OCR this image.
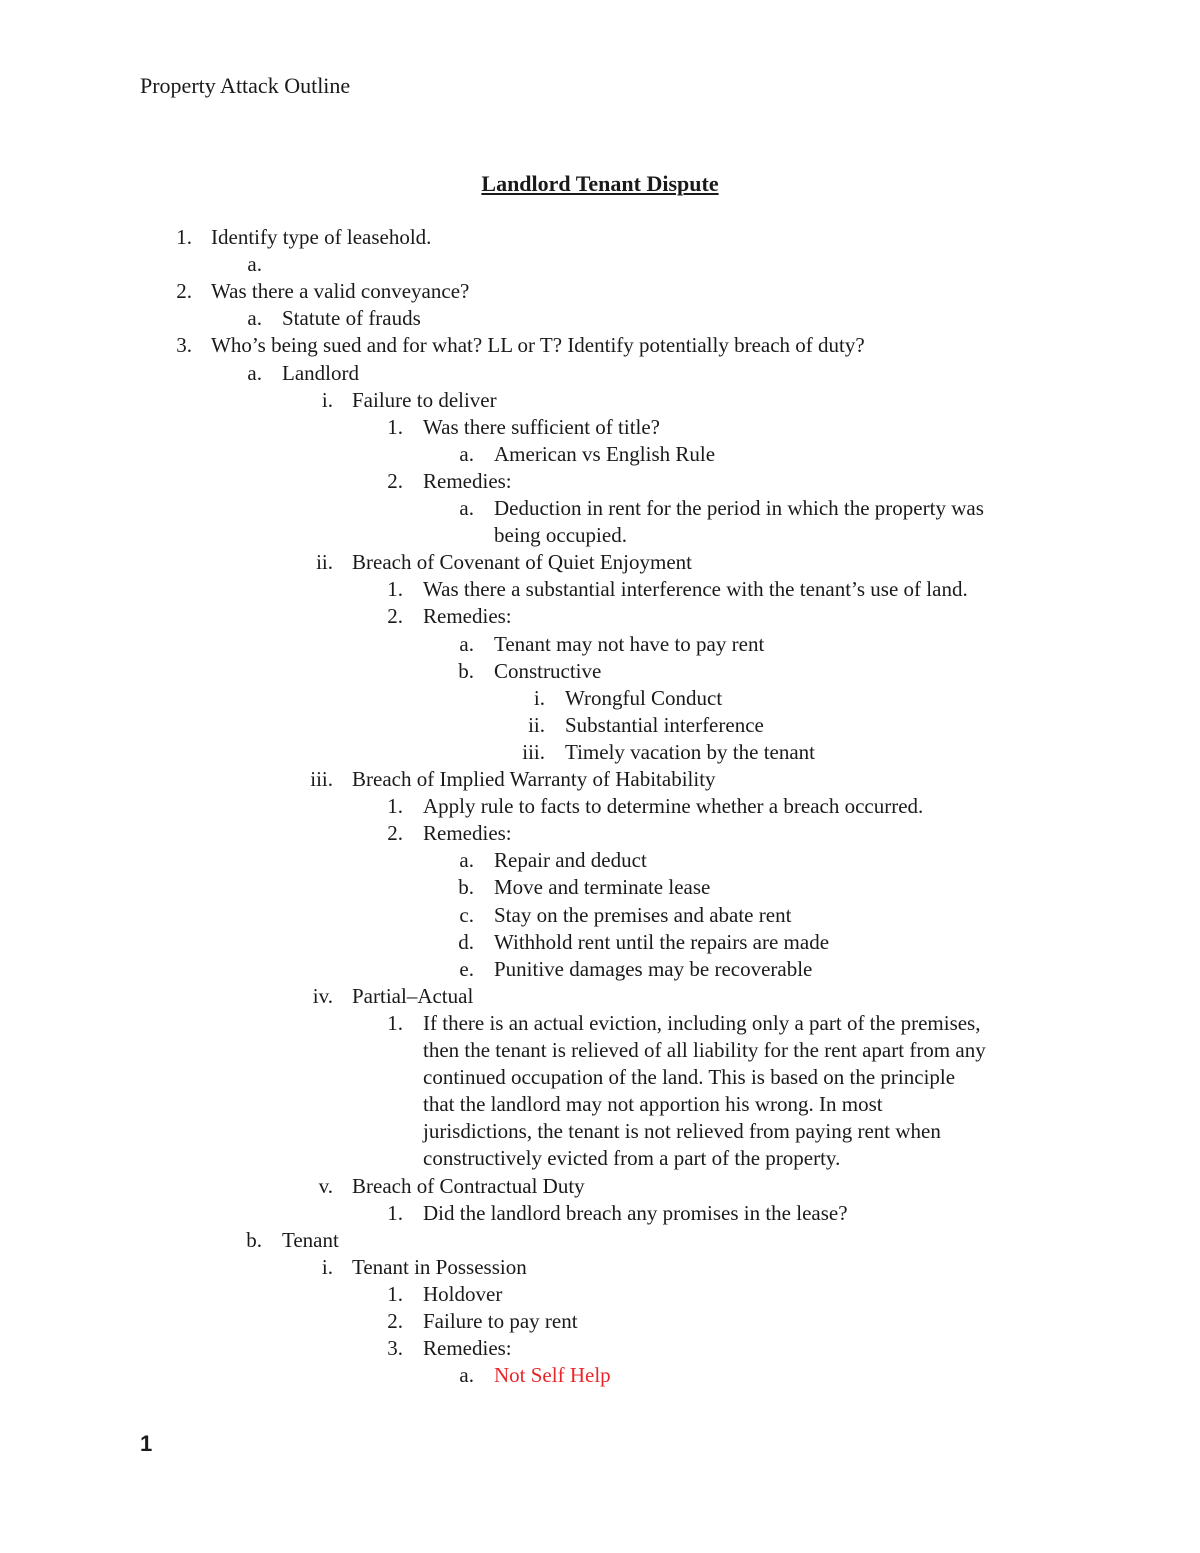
Property Attack Outline
Landlord Tenant Dispute
1. Identify type of leasehold.
a.
2. Was there a valid conveyance?
a. Statute of frauds
3. Who’s being sued and for what? LL or T? Identify potentially breach of duty?
a. Landlord
i. Failure to deliver
1. Was there sufficient of title?
a. American vs English Rule
2. Remedies:
a. Deduction in rent for the period in which the property was
being occupied.
ii. Breach of Covenant of Quiet Enjoyment
1. Was there a substantial interference with the tenant’s use of land.
2. Remedies:
a. Tenant may not have to pay rent
b. Constructive
i. Wrongful Conduct
ii. Substantial interference
iii. Timely vacation by the tenant
iii. Breach of Implied Warranty of Habitability
1. Apply rule to facts to determine whether a breach occurred.
2. Remedies:
a. Repair and deduct
b. Move and terminate lease
c. Stay on the premises and abate rent
d. Withhold rent until the repairs are made
e. Punitive damages may be recoverable
iv. Partial–Actual
1. If there is an actual eviction, including only a part of the premises,
then the tenant is relieved of all liability for the rent apart from any
continued occupation of the land. This is based on the principle
that the landlord may not apportion his wrong. In most
jurisdictions, the tenant is not relieved from paying rent when
constructively evicted from a part of the property.
v. Breach of Contractual Duty
1. Did the landlord breach any promises in the lease?
b. Tenant
i. Tenant in Possession
1. Holdover
2. Failure to pay rent
3. Remedies:
a. Not Self Help
1
